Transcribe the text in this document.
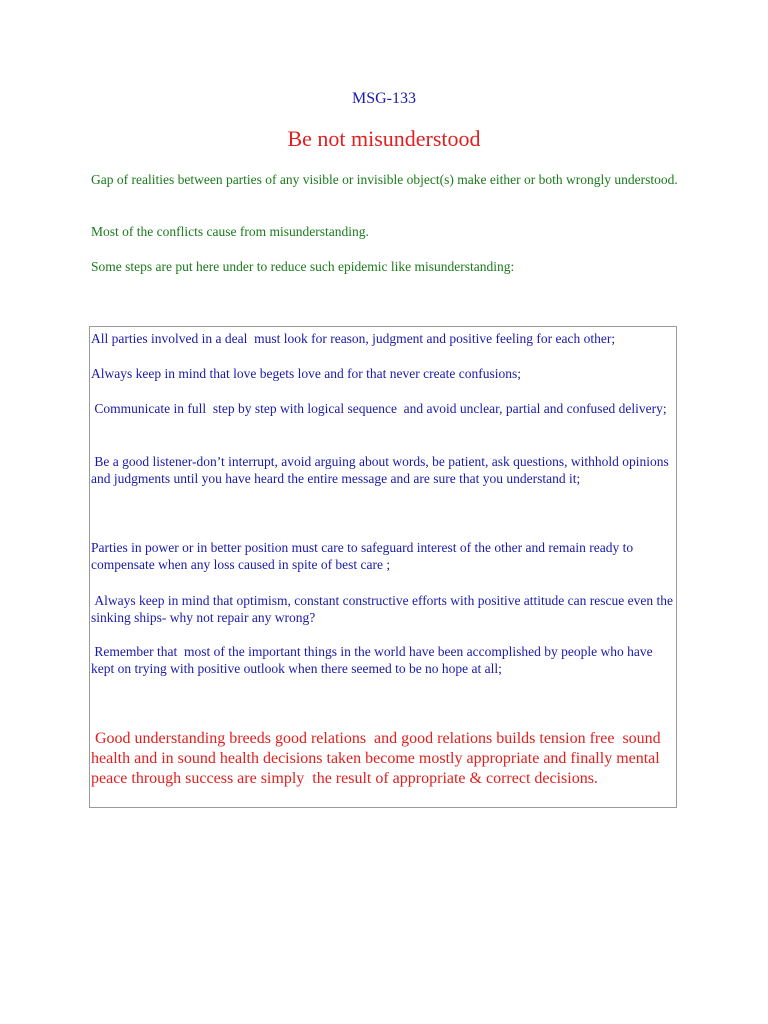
MSG-133
Be not misunderstood

Gap of realities between parties of any visible or invisible object(s) make either or both wrongly understood.

Most of the conflicts cause from misunderstanding.

Some steps are put here under to reduce such epidemic like misunderstanding:

All parties involved in a deal  must look for reason, judgment and positive feeling for each other;

Always keep in mind that love begets love and for that never create confusions;

Communicate in full  step by step with logical sequence  and avoid unclear, partial and confused delivery;

Be a good listener-don’t interrupt, avoid arguing about words, be patient, ask questions, withhold opinions and judgments until you have heard the entire message and are sure that you understand it;

Parties in power or in better position must care to safeguard interest of the other and remain ready to compensate when any loss caused in spite of best care ;

Always keep in mind that optimism, constant constructive efforts with positive attitude can rescue even the sinking ships- why not repair any wrong?

Remember that  most of the important things in the world have been accomplished by people who have kept on trying with positive outlook when there seemed to be no hope at all;

Good understanding breeds good relations  and good relations builds tension free  sound health and in sound health decisions taken become mostly appropriate and finally mental peace through success are simply  the result of appropriate & correct decisions.
